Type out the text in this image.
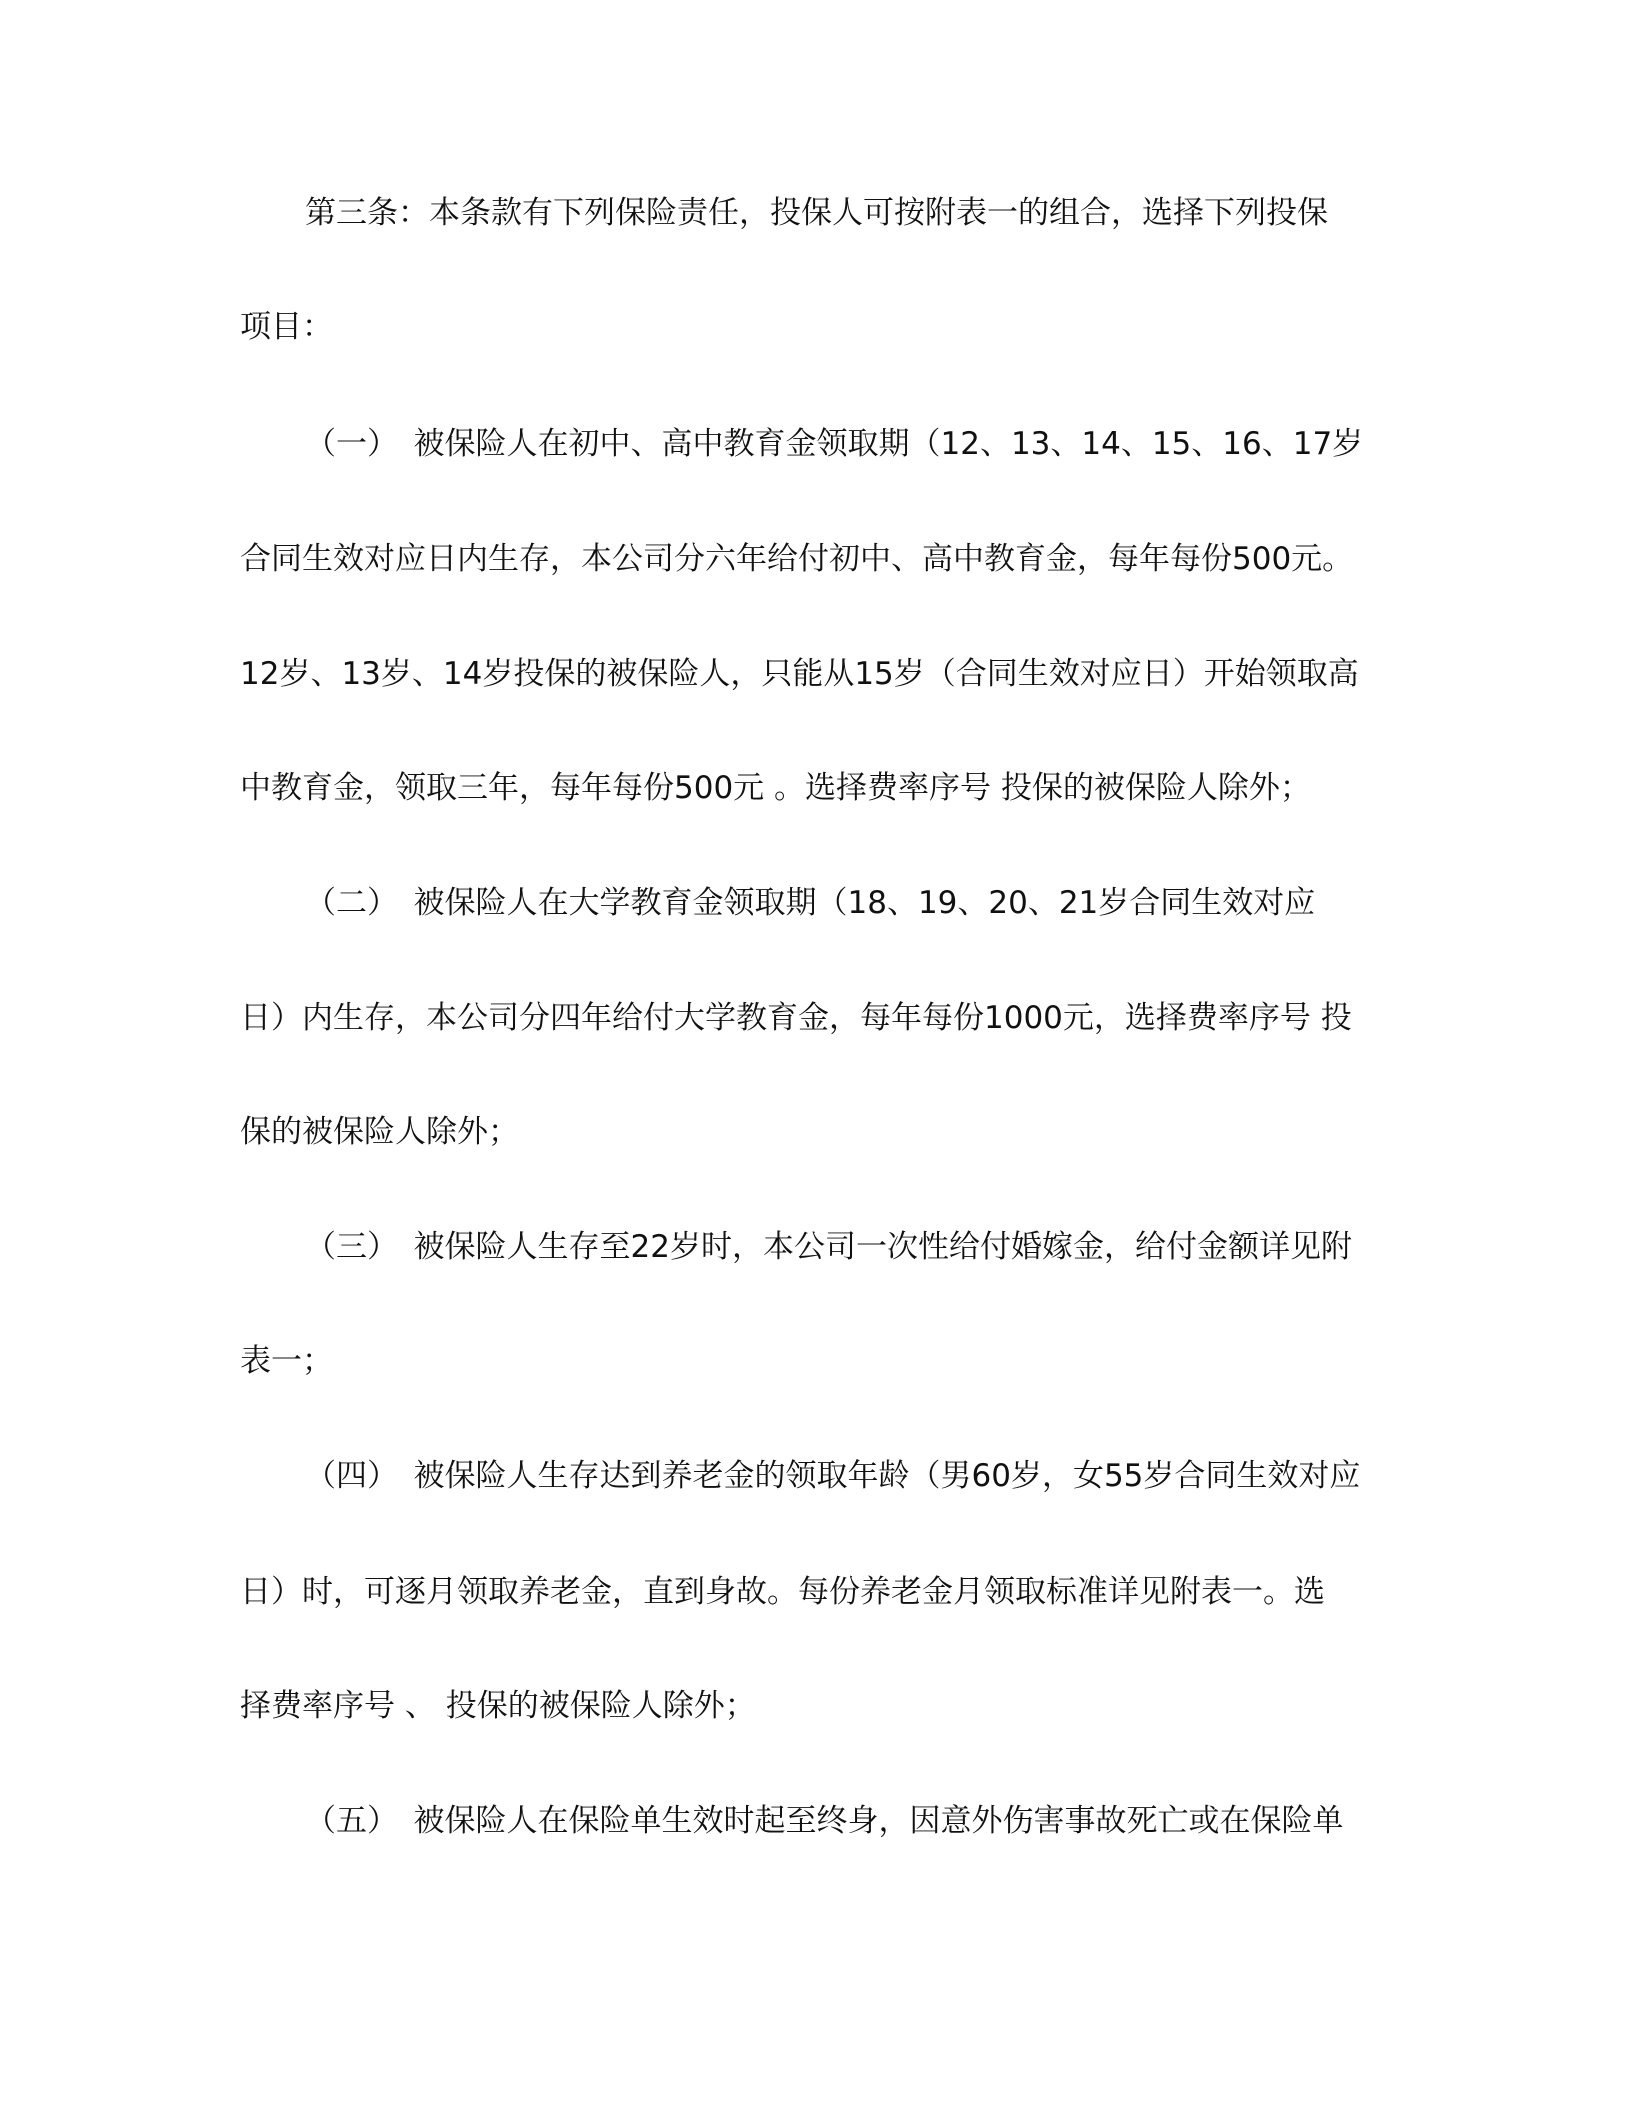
第三条：本条款有下列保险责任，投保人可按附表一的组合，选择下列投保
项目：
（一）　被保险人在初中、高中教育金领取期（12、13、14、15、16、17岁
合同生效对应日内生存，本公司分六年给付初中、高中教育金，每年每份500元。
12岁、13岁、14岁投保的被保险人，只能从15岁（合同生效对应日）开始领取高
中教育金，领取三年，每年每份500元 。选择费率序号 投保的被保险人除外；
（二）　被保险人在大学教育金领取期（18、19、20、21岁合同生效对应
日）内生存，本公司分四年给付大学教育金，每年每份1000元，选择费率序号 投
保的被保险人除外；
（三）　被保险人生存至22岁时，本公司一次性给付婚嫁金，给付金额详见附
表一；
（四）　被保险人生存达到养老金的领取年龄（男60岁，女55岁合同生效对应
日）时，可逐月领取养老金，直到身故。每份养老金月领取标准详见附表一。选
择费率序号 、 投保的被保险人除外；
（五）　被保险人在保险单生效时起至终身，因意外伤害事故死亡或在保险单
